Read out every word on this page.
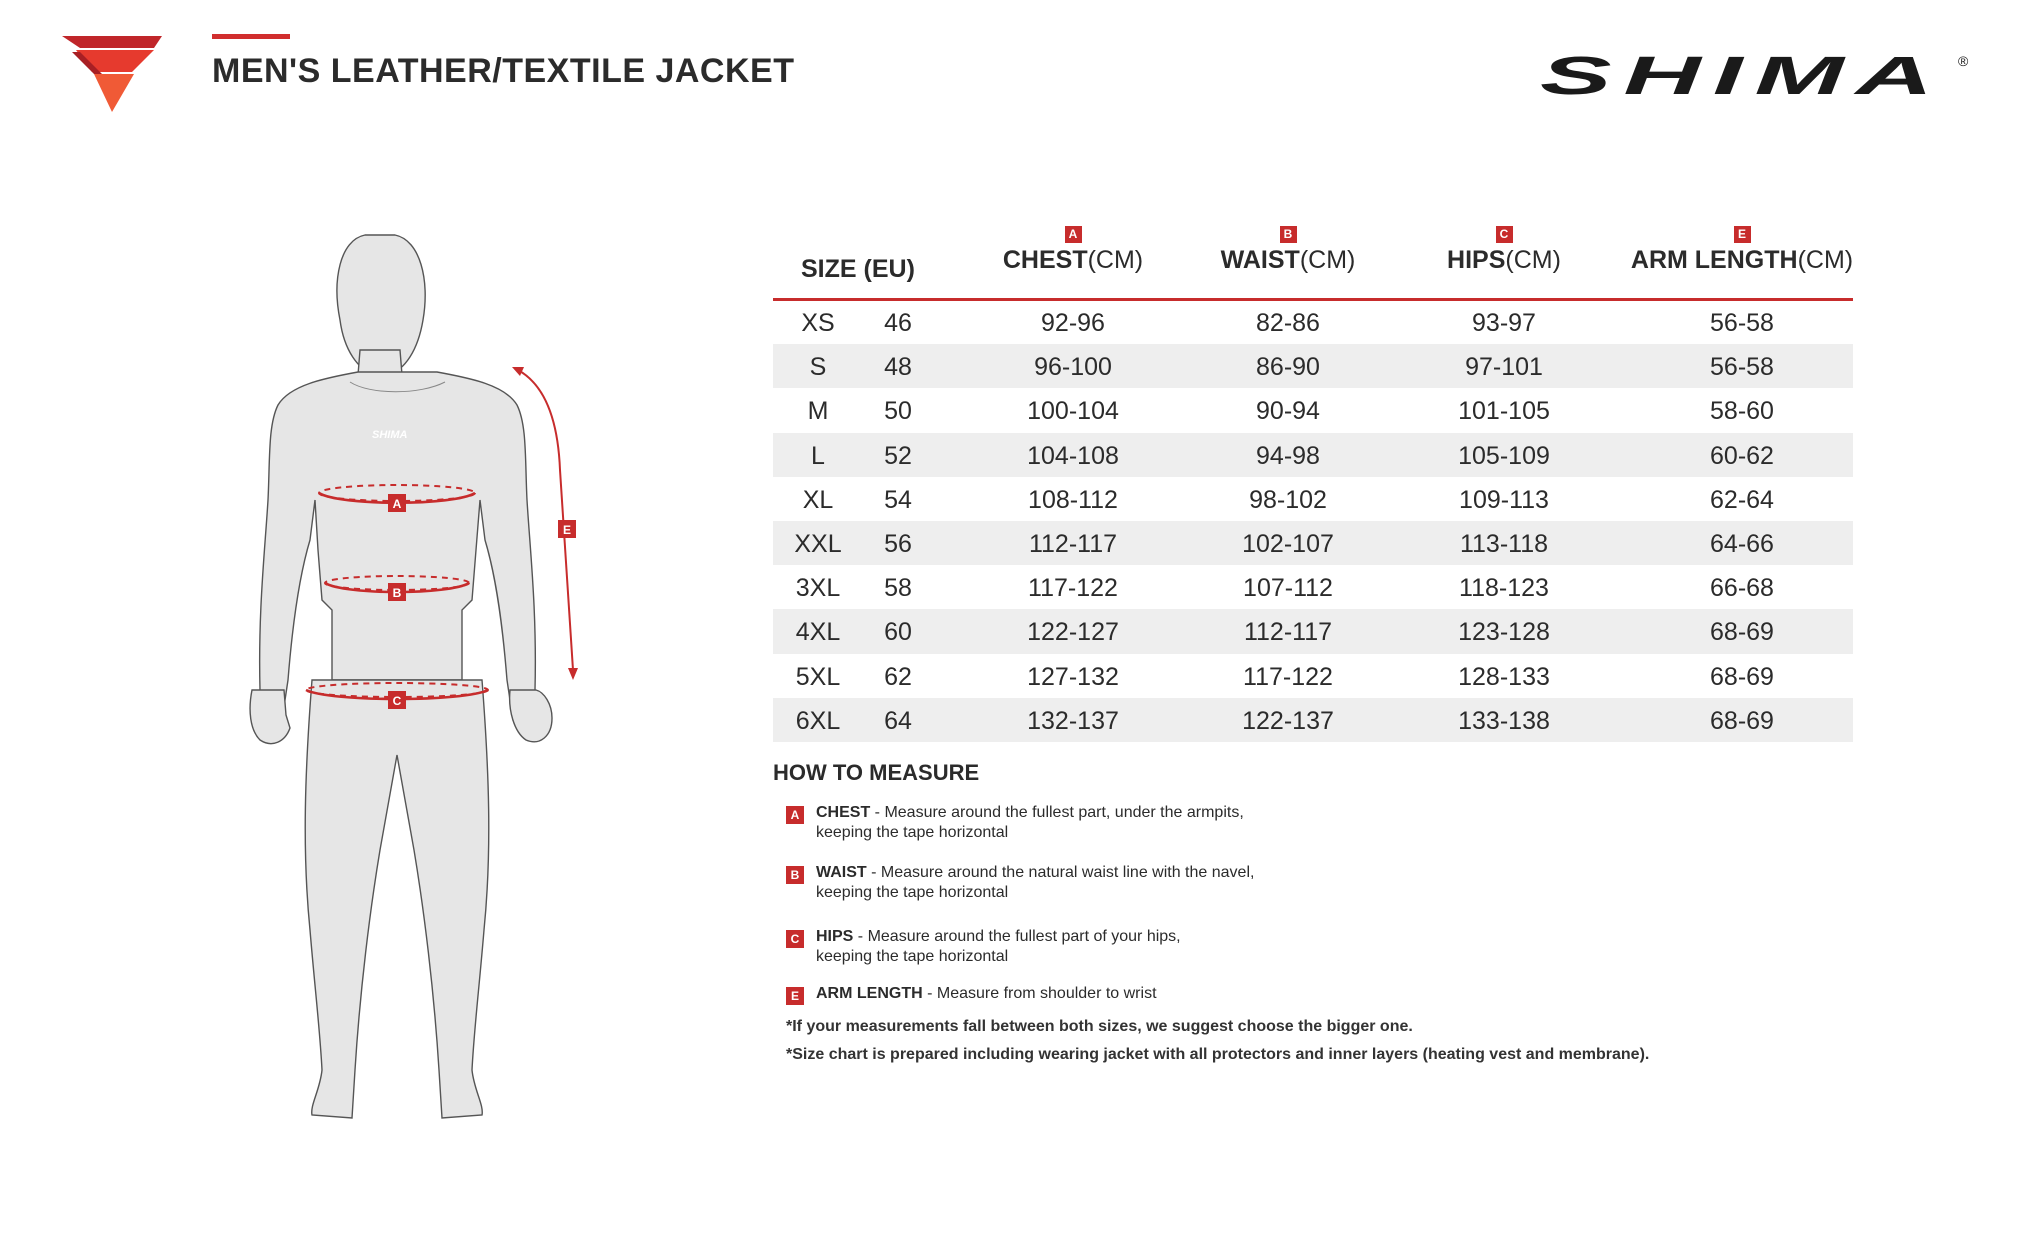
MEN'S LEATHER/TEXTILE JACKET	SHIMA ®
SHIMA
A
B
C
E
SIZE (EU)
A
CHEST(CM)
B
WAIST(CM)
C
HIPS(CM)
E
ARM LENGTH(CM)
XS	46	92-96	82-86	93-97	56-58
S	48	96-100	86-90	97-101	56-58
M	50	100-104	90-94	101-105	58-60
L	52	104-108	94-98	105-109	60-62
XL	54	108-112	98-102	109-113	62-64
XXL	56	112-117	102-107	113-118	64-66
3XL	58	117-122	107-112	118-123	66-68
4XL	60	122-127	112-117	123-128	68-69
5XL	62	127-132	117-122	128-133	68-69
6XL	64	132-137	122-137	133-138	68-69
HOW TO MEASURE
A CHEST - Measure around the fullest part, under the armpits,
keeping the tape horizontal
B WAIST - Measure around the natural waist line with the navel,
keeping the tape horizontal
C HIPS - Measure around the fullest part of your hips,
keeping the tape horizontal
E	ARM LENGTH - Measure from shoulder to wrist
*If your measurements fall between both sizes, we suggest choose the bigger one.
*Size chart is prepared including wearing jacket with all protectors and inner layers (heating vest and membrane).
